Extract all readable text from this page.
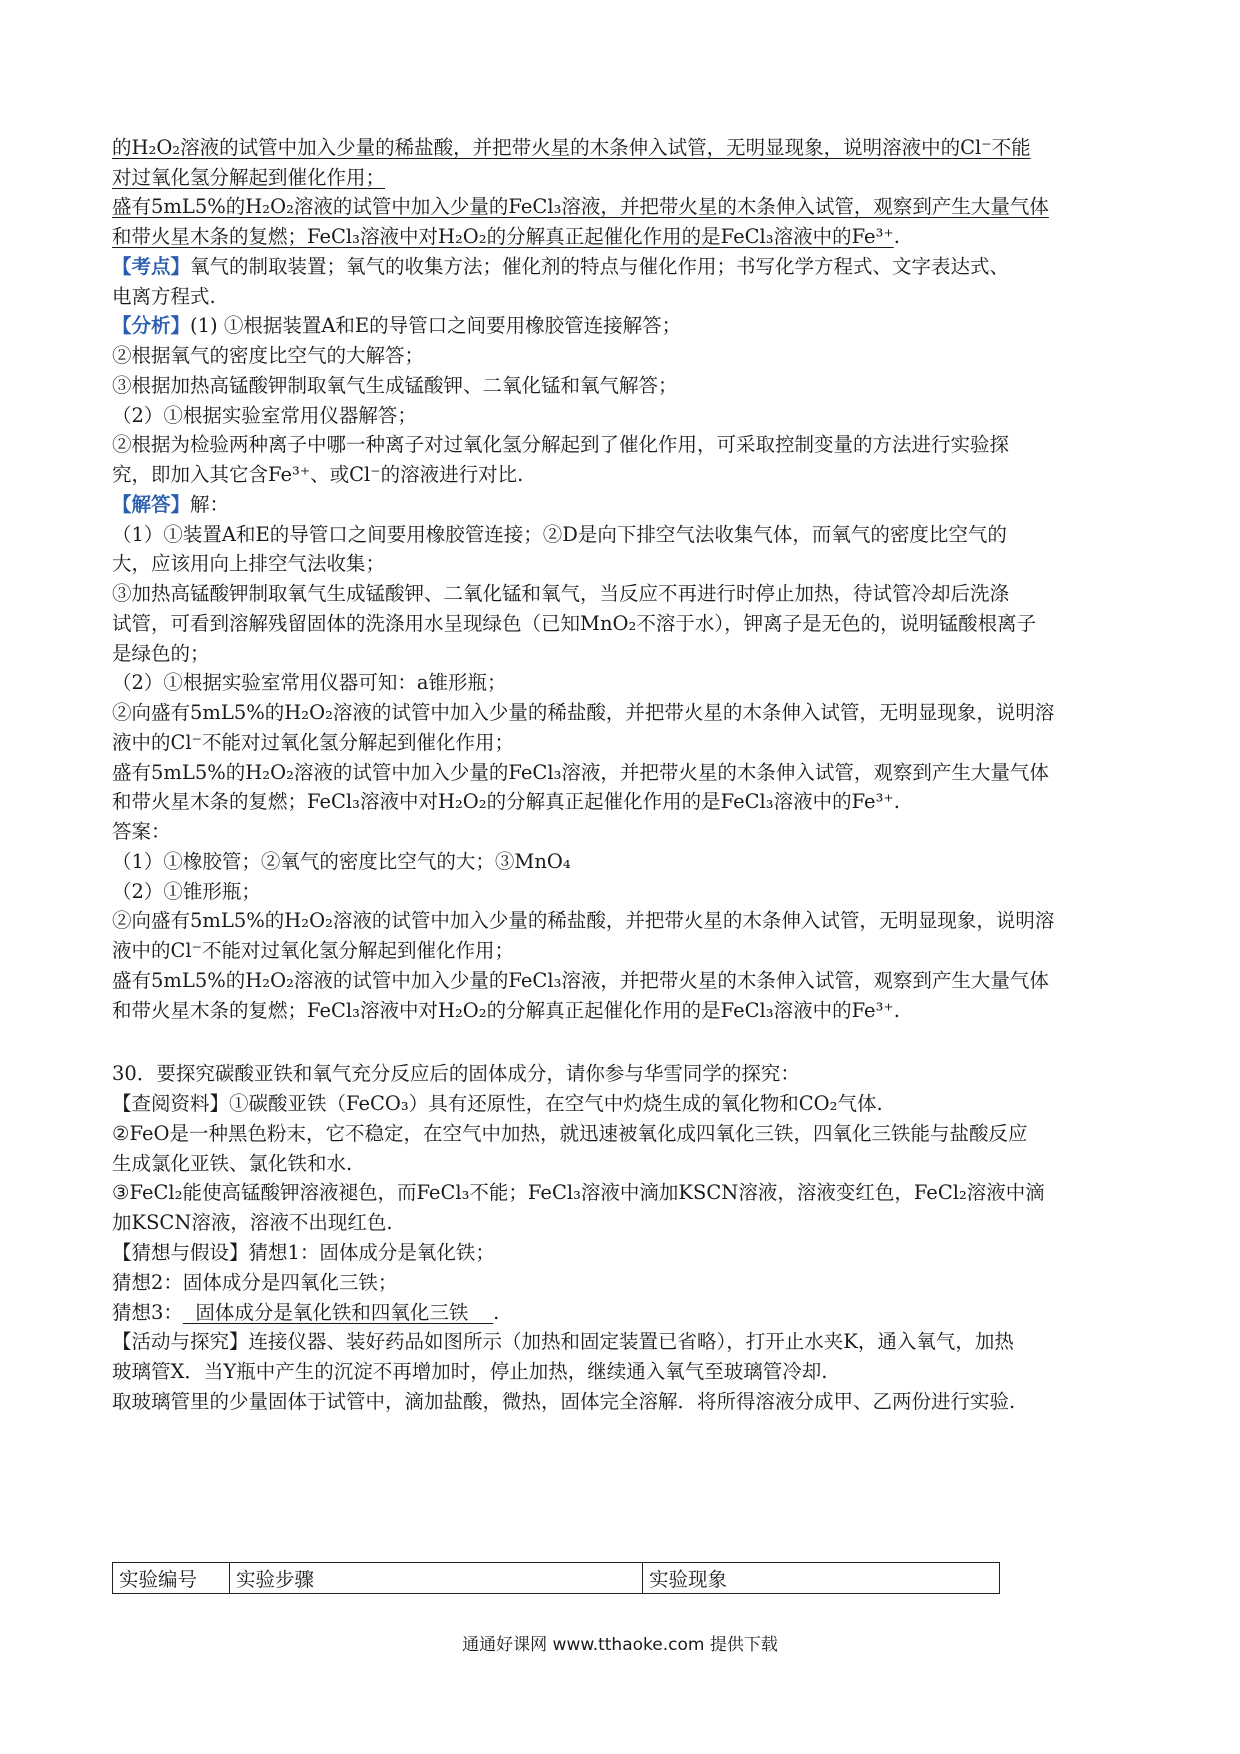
的H₂O₂溶液的试管中加入少量的稀盐酸，并把带火星的木条伸入试管，无明显现象，说明溶液中的Cl⁻不能
对过氧化氢分解起到催化作用；
盛有5mL5%的H₂O₂溶液的试管中加入少量的FeCl₃溶液，并把带火星的木条伸入试管，观察到产生大量气体
和带火星木条的复燃；FeCl₃溶液中对H₂O₂的分解真正起催化作用的是FeCl₃溶液中的Fe³⁺.
【考点】氧气的制取装置；氧气的收集方法；催化剂的特点与催化作用；书写化学方程式、文字表达式、
电离方程式.
【分析】(1) ①根据装置A和E的导管口之间要用橡胶管连接解答；
②根据氧气的密度比空气的大解答；
③根据加热高锰酸钾制取氧气生成锰酸钾、二氧化锰和氧气解答；
（2）①根据实验室常用仪器解答；
②根据为检验两种离子中哪一种离子对过氧化氢分解起到了催化作用，可采取控制变量的方法进行实验探
究，即加入其它含Fe³⁺、或Cl⁻的溶液进行对比.
【解答】解：
（1）①装置A和E的导管口之间要用橡胶管连接；②D是向下排空气法收集气体，而氧气的密度比空气的
大，应该用向上排空气法收集；
③加热高锰酸钾制取氧气生成锰酸钾、二氧化锰和氧气，当反应不再进行时停止加热，待试管冷却后洗涤
试管，可看到溶解残留固体的洗涤用水呈现绿色（已知MnO₂不溶于水），钾离子是无色的，说明锰酸根离子
是绿色的；
（2）①根据实验室常用仪器可知：a锥形瓶；
②向盛有5mL5%的H₂O₂溶液的试管中加入少量的稀盐酸，并把带火星的木条伸入试管，无明显现象，说明溶
液中的Cl⁻不能对过氧化氢分解起到催化作用；
盛有5mL5%的H₂O₂溶液的试管中加入少量的FeCl₃溶液，并把带火星的木条伸入试管，观察到产生大量气体
和带火星木条的复燃；FeCl₃溶液中对H₂O₂的分解真正起催化作用的是FeCl₃溶液中的Fe³⁺.
答案：
（1）①橡胶管；②氧气的密度比空气的大；③MnO₄
（2）①锥形瓶；
②向盛有5mL5%的H₂O₂溶液的试管中加入少量的稀盐酸，并把带火星的木条伸入试管，无明显现象，说明溶
液中的Cl⁻不能对过氧化氢分解起到催化作用；
盛有5mL5%的H₂O₂溶液的试管中加入少量的FeCl₃溶液，并把带火星的木条伸入试管，观察到产生大量气体
和带火星木条的复燃；FeCl₃溶液中对H₂O₂的分解真正起催化作用的是FeCl₃溶液中的Fe³⁺.
30．要探究碳酸亚铁和氧气充分反应后的固体成分，请你参与华雪同学的探究：
【查阅资料】①碳酸亚铁（FeCO₃）具有还原性，在空气中灼烧生成的氧化物和CO₂气体.
②FeO是一种黑色粉末，它不稳定，在空气中加热，就迅速被氧化成四氧化三铁，四氧化三铁能与盐酸反应
生成氯化亚铁、氯化铁和水.
③FeCl₂能使高锰酸钾溶液褪色，而FeCl₃不能；FeCl₃溶液中滴加KSCN溶液，溶液变红色，FeCl₂溶液中滴
加KSCN溶液，溶液不出现红色.
【猜想与假设】猜想1：固体成分是氧化铁；
猜想2：固体成分是四氧化三铁；
猜想3：  固体成分是氧化铁和四氧化三铁    .
【活动与探究】连接仪器、装好药品如图所示（加热和固定装置已省略），打开止水夹K，通入氧气，加热
玻璃管X．当Y瓶中产生的沉淀不再增加时，停止加热，继续通入氧气至玻璃管冷却.
取玻璃管里的少量固体于试管中，滴加盐酸，微热，固体完全溶解．将所得溶液分成甲、乙两份进行实验.
实验编号	实验步骤	实验现象
通通好课网 www.tthaoke.com 提供下载
